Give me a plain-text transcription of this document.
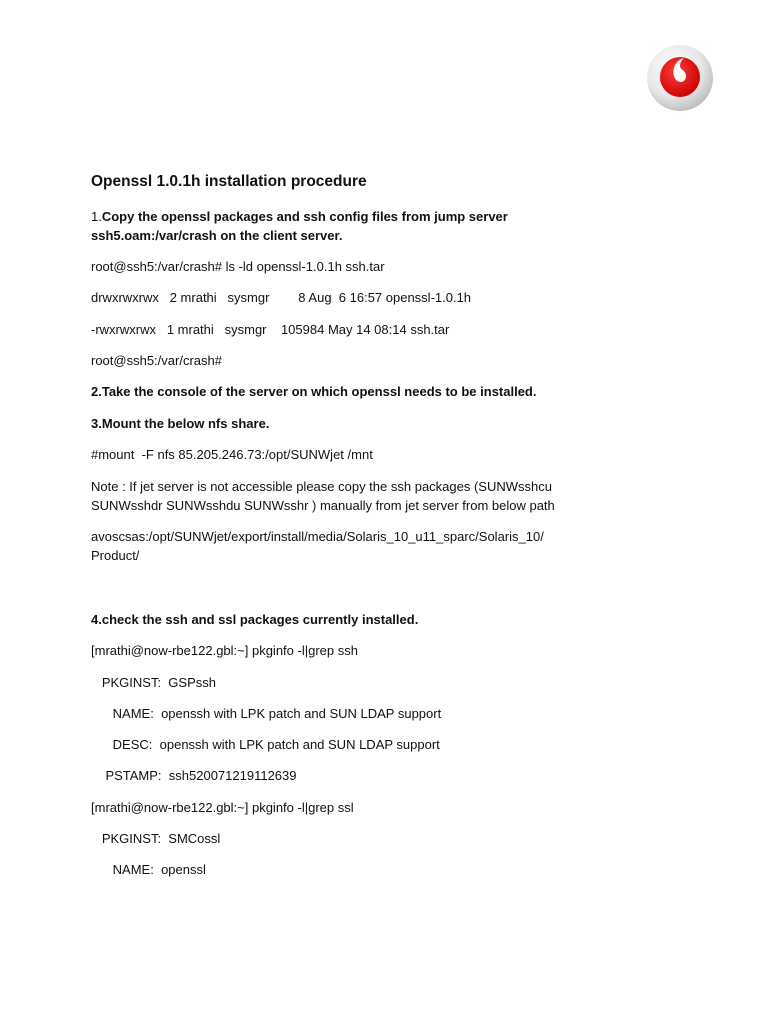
Openssl 1.0.1h installation procedure
1.Copy the openssl packages and ssh config files from jump server
ssh5.oam:/var/crash on the client server.
root@ssh5:/var/crash# ls -ld openssl-1.0.1h ssh.tar
drwxrwxrwx   2 mrathi   sysmgr        8 Aug  6 16:57 openssl-1.0.1h
-rwxrwxrwx   1 mrathi   sysmgr    105984 May 14 08:14 ssh.tar
root@ssh5:/var/crash#
2.Take the console of the server on which openssl needs to be installed.
3.Mount the below nfs share.
#mount  -F nfs 85.205.246.73:/opt/SUNWjet /mnt
Note : If jet server is not accessible please copy the ssh packages (SUNWsshcu
SUNWsshdr SUNWsshdu SUNWsshr ) manually from jet server from below path
avoscsas:/opt/SUNWjet/export/install/media/Solaris_10_u11_sparc/Solaris_10/
Product/
4.check the ssh and ssl packages currently installed.
[mrathi@now-rbe122.gbl:~] pkginfo -l|grep ssh
PKGINST:  GSPssh
NAME:  openssh with LPK patch and SUN LDAP support
DESC:  openssh with LPK patch and SUN LDAP support
PSTAMP:  ssh520071219112639
[mrathi@now-rbe122.gbl:~] pkginfo -l|grep ssl
PKGINST:  SMCossl
NAME:  openssl
